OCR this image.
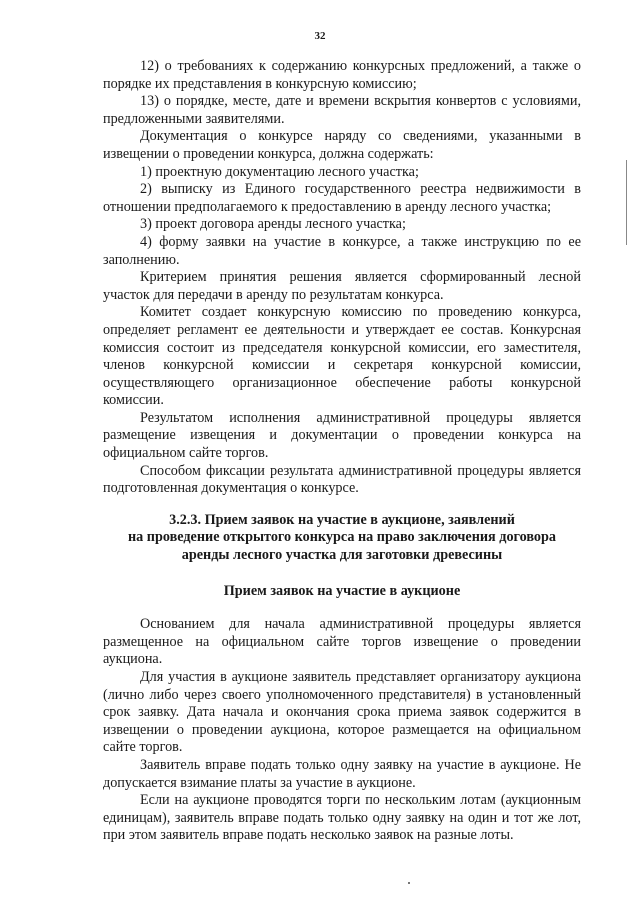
32

12) о требованиях к содержанию конкурсных предложений, а также о порядке их представления в конкурсную комиссию;

13) о порядке, месте, дате и времени вскрытия конвертов с условиями, предложенными заявителями.

Документация о конкурсе наряду со сведениями, указанными в извещении о проведении конкурса, должна содержать:

1) проектную документацию лесного участка;

2) выписку из Единого государственного реестра недвижимости в отношении предполагаемого к предоставлению в аренду лесного участка;

3) проект договора аренды лесного участка;

4) форму заявки на участие в конкурсе, а также инструкцию по ее заполнению.

Критерием принятия решения является сформированный лесной участок для передачи в аренду по результатам конкурса.

Комитет создает конкурсную комиссию по проведению конкурса, определяет регламент ее деятельности и утверждает ее состав. Конкурсная комиссия состоит из председателя конкурсной комиссии, его заместителя, членов конкурсной комиссии и секретаря конкурсной комиссии, осуществляющего организационное обеспечение работы конкурсной комиссии.

Результатом исполнения административной процедуры является размещение извещения и документации о проведении конкурса на официальном сайте торгов.

Способом фиксации результата административной процедуры является подготовленная документация о конкурсе.

3.2.3. Прием заявок на участие в аукционе, заявлений
на проведение открытого конкурса на право заключения договора
аренды лесного участка для заготовки древесины
Прием заявок на участие в аукционе

Основанием для начала административной процедуры является размещенное на официальном сайте торгов извещение о проведении аукциона.

Для участия в аукционе заявитель представляет организатору аукциона (лично либо через своего уполномоченного представителя) в установленный срок заявку. Дата начала и окончания срока приема заявок содержится в извещении о проведении аукциона, которое размещается на официальном сайте торгов.

Заявитель вправе подать только одну заявку на участие в аукционе. Не допускается взимание платы за участие в аукционе.

Если на аукционе проводятся торги по нескольким лотам (аукционным единицам), заявитель вправе подать только одну заявку на один и тот же лот, при этом заявитель вправе подать несколько заявок на разные лоты.
